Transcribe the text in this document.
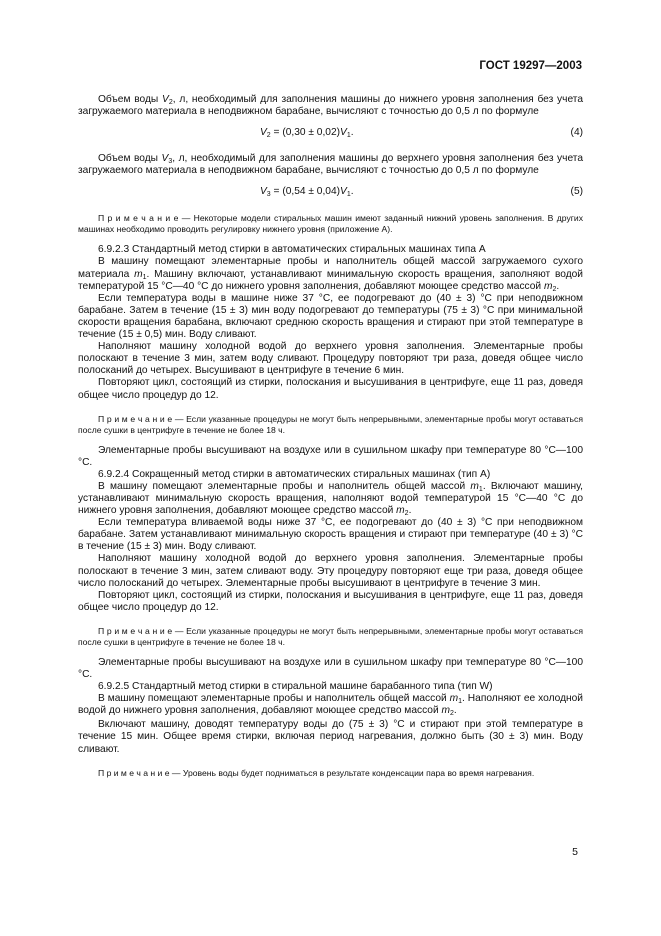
ГОСТ 19297—2003

Объем воды $V_2$, л, необходимый для заполнения машины до нижнего уровня заполнения без учета загружаемого материала в неподвижном барабане, вычисляют с точностью до 0,5 л по формуле

$V_2 = (0,30 \pm 0,02)V_1$.	(4)

Объем воды $V_3$, л, необходимый для заполнения машины до верхнего уровня заполнения без учета загружаемого материала в неподвижном барабане, вычисляют с точностью до 0,5 л по формуле

$V_3 = (0,54 \pm 0,04)V_1$.	(5)

П р и м е ч а н и е — Некоторые модели стиральных машин имеют заданный нижний уровень заполнения. В других машинах необходимо проводить регулировку нижнего уровня (приложение А).

6.9.2.3 Стандартный метод стирки в автоматических стиральных машинах типа А

В машину помещают элементарные пробы и наполнитель общей массой загружаемого сухого материала $m_1$. Машину включают, устанавливают минимальную скорость вращения, заполняют водой температурой 15 °С—40 °С до нижнего уровня заполнения, добавляют моющее средство массой $m_2$.

Если температура воды в машине ниже 37 °С, ее подогревают до (40 ± 3) °С при неподвижном барабане. Затем в течение (15 ± 3) мин воду подогревают до температуры (75 ± 3) °С при минимальной скорости вращения барабана, включают среднюю скорость вращения и стирают при этой температуре в течение (15 ± 0,5) мин. Воду сливают.

Наполняют машину холодной водой до верхнего уровня заполнения. Элементарные пробы полоскают в течение 3 мин, затем воду сливают. Процедуру повторяют три раза, доведя общее число полосканий до четырех. Высушивают в центрифуге в течение 6 мин.

Повторяют цикл, состоящий из стирки, полоскания и высушивания в центрифуге, еще 11 раз, доведя общее число процедур до 12.

П р и м е ч а н и е — Если указанные процедуры не могут быть непрерывными, элементарные пробы могут оставаться после сушки в центрифуге в течение не более 18 ч.

Элементарные пробы высушивают на воздухе или в сушильном шкафу при температуре 80 °С—100 °С.

6.9.2.4 Сокращенный метод стирки в автоматических стиральных машинах (тип А)

В машину помещают элементарные пробы и наполнитель общей массой $m_1$. Включают машину, устанавливают минимальную скорость вращения, наполняют водой температурой 15 °С—40 °С до нижнего уровня заполнения, добавляют моющее средство массой $m_2$.

Если температура вливаемой воды ниже 37 °С, ее подогревают до (40 ± 3) °С при неподвижном барабане. Затем устанавливают минимальную скорость вращения и стирают при температуре (40 ± 3) °С в течение (15 ± 3) мин. Воду сливают.

Наполняют машину холодной водой до верхнего уровня заполнения. Элементарные пробы полоскают в течение 3 мин, затем сливают воду. Эту процедуру повторяют еще три раза, доведя общее число полосканий до четырех. Элементарные пробы высушивают в центрифуге в течение 3 мин.

Повторяют цикл, состоящий из стирки, полоскания и высушивания в центрифуге, еще 11 раз, доведя общее число процедур до 12.

П р и м е ч а н и е — Если указанные процедуры не могут быть непрерывными, элементарные пробы могут оставаться после сушки в центрифуге в течение не более 18 ч.

Элементарные пробы высушивают на воздухе или в сушильном шкафу при температуре 80 °С—100 °С.

6.9.2.5 Стандартный метод стирки в стиральной машине барабанного типа (тип W)

В машину помещают элементарные пробы и наполнитель общей массой $m_1$. Наполняют ее холодной водой до нижнего уровня заполнения, добавляют моющее средство массой $m_2$.

Включают машину, доводят температуру воды до (75 ± 3) °С и стирают при этой температуре в течение 15 мин. Общее время стирки, включая период нагревания, должно быть (30 ± 3) мин. Воду сливают.

П р и м е ч а н и е — Уровень воды будет подниматься в результате конденсации пара во время нагревания.

5
